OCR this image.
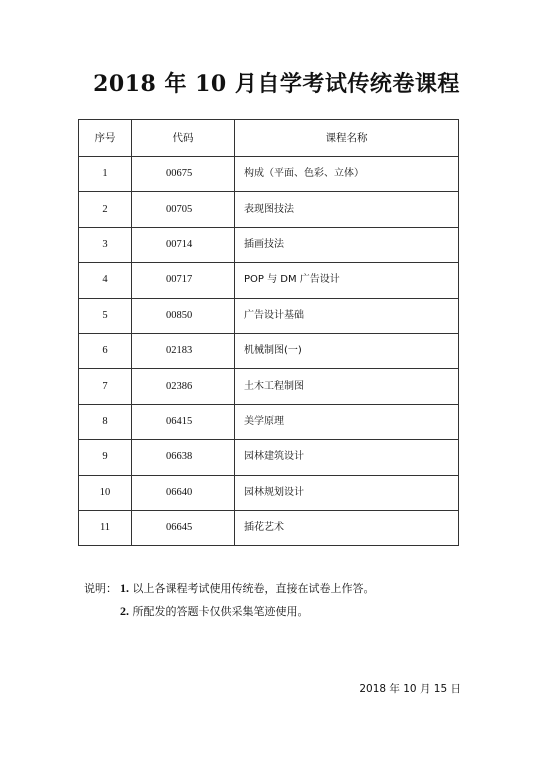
2018 年 10 月自学考试传统卷课程
序号	代码	课程名称
1	00675	构成（平面、色彩、立体）
2	00705	表现图技法
3	00714	插画技法
4	00717	POP 与 DM 广告设计
5	00850	广告设计基础
6	02183	机械制图(一)
7	02386	土木工程制图
8	06415	美学原理
9	06638	园林建筑设计
10	06640	园林规划设计
11	06645	插花艺术
说明： 1. 以上各课程考试使用传统卷，直接在试卷上作答。
2. 所配发的答题卡仅供采集笔迹使用。
2018 年 10 月 15 日
